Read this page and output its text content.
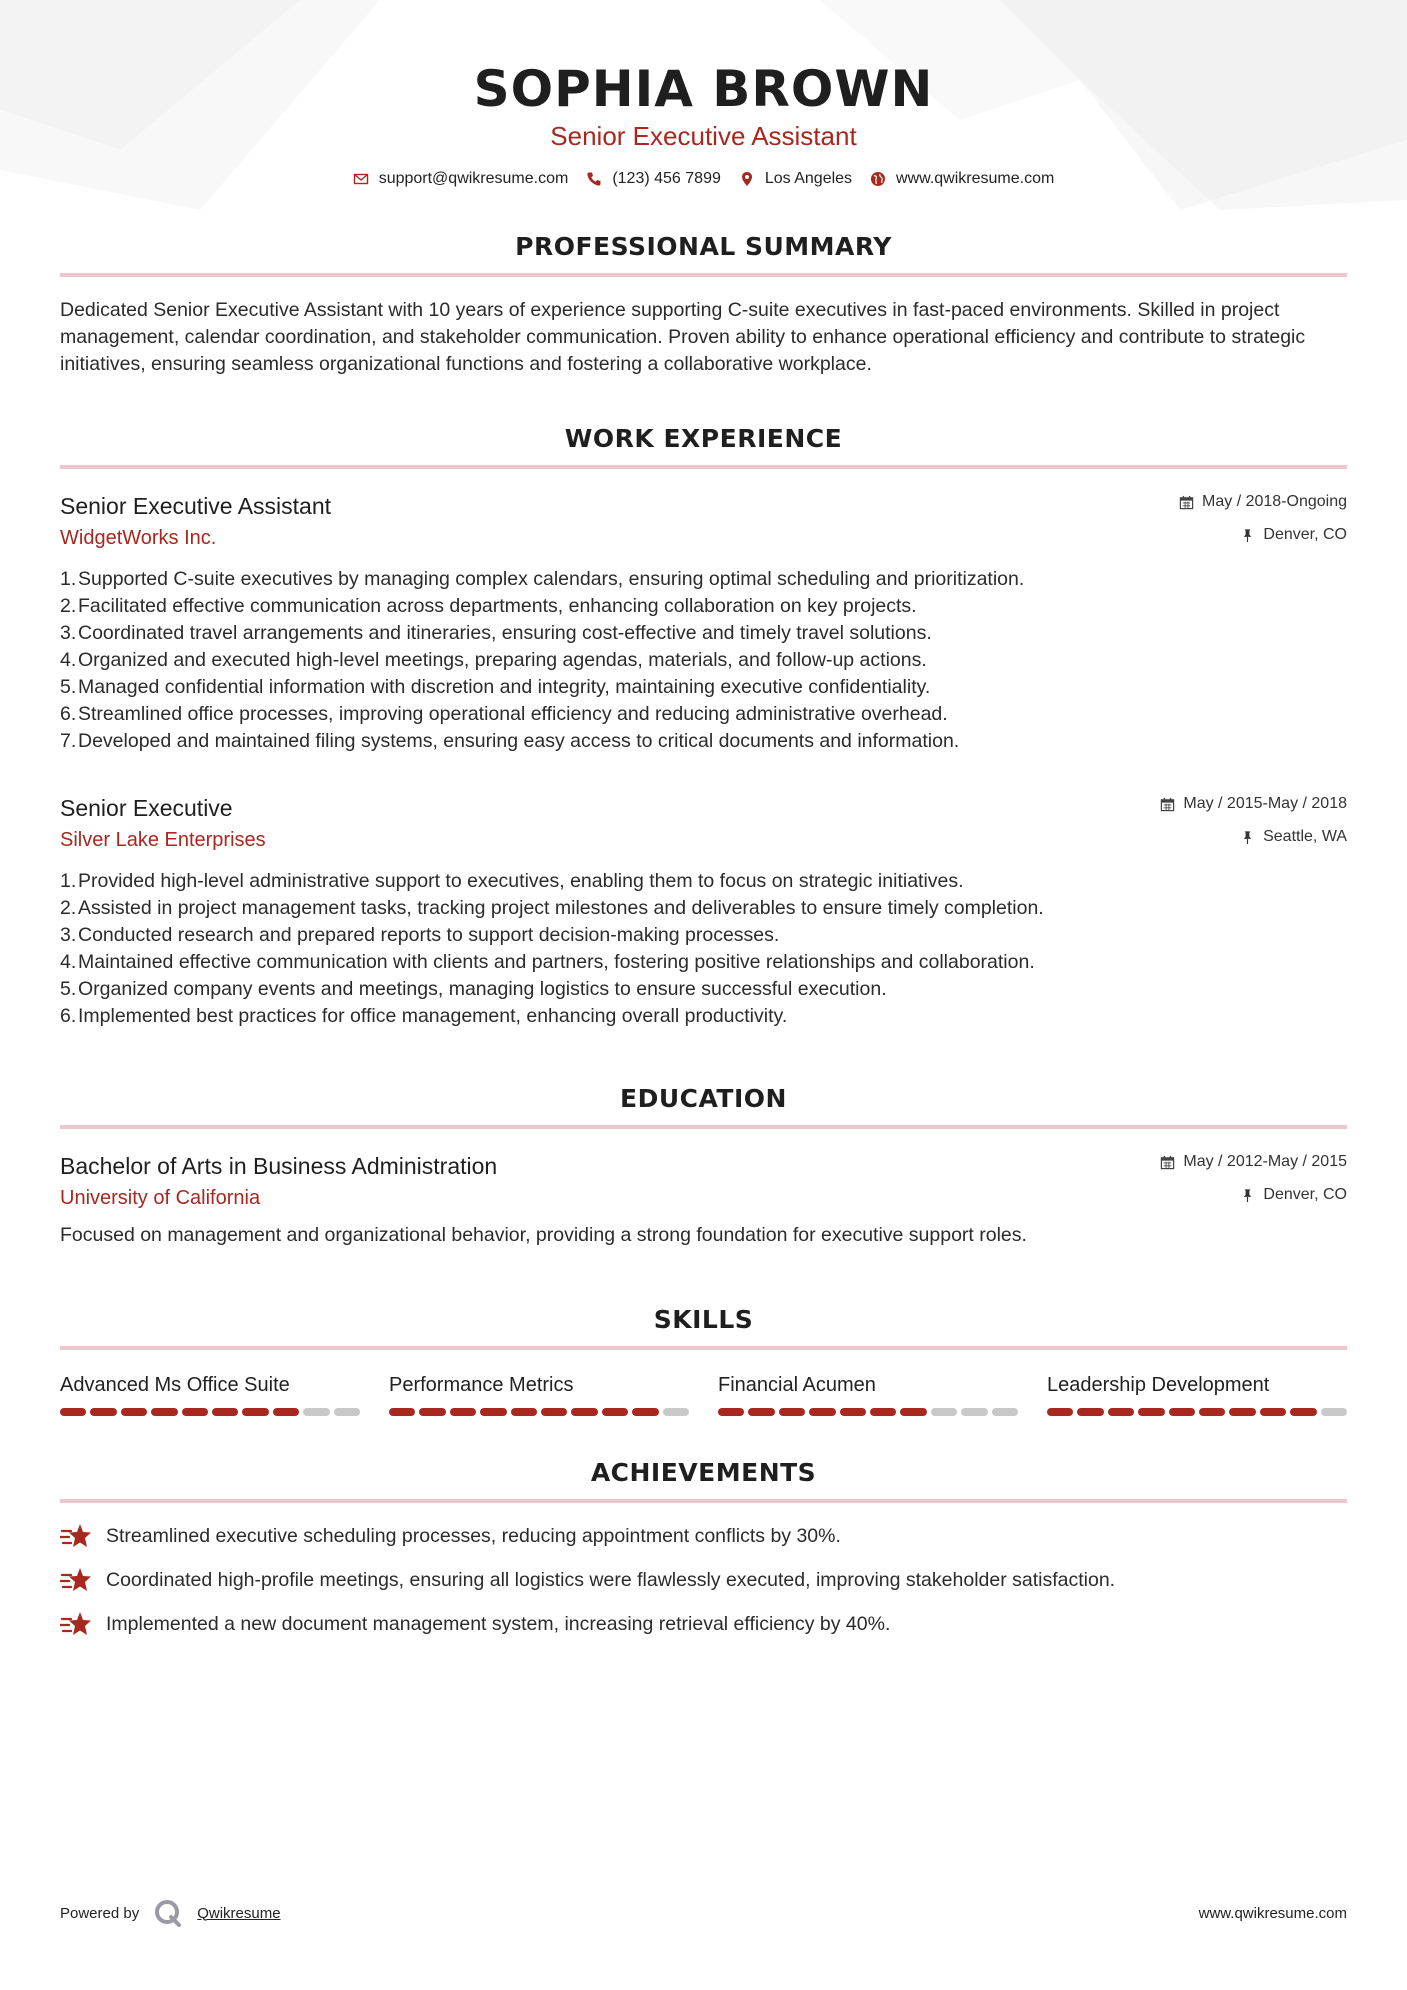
SOPHIA BROWN
Senior Executive Assistant
support@qwikresume.com	(123) 456 7899	Los Angeles	www.qwikresume.com
PROFESSIONAL SUMMARY

Dedicated Senior Executive Assistant with 10 years of experience supporting C-suite executives in fast-paced environments. Skilled in project management, calendar coordination, and stakeholder communication. Proven ability to enhance operational efficiency and contribute to strategic initiatives, ensuring seamless organizational functions and fostering a collaborative workplace.

WORK EXPERIENCE
Senior Executive Assistant
WidgetWorks Inc.
May / 2018-Ongoing
Denver, CO
1. Supported C-suite executives by managing complex calendars, ensuring optimal scheduling and prioritization.
2. Facilitated effective communication across departments, enhancing collaboration on key projects.
3. Coordinated travel arrangements and itineraries, ensuring cost-effective and timely travel solutions.
4. Organized and executed high-level meetings, preparing agendas, materials, and follow-up actions.
5. Managed confidential information with discretion and integrity, maintaining executive confidentiality.
6. Streamlined office processes, improving operational efficiency and reducing administrative overhead.
7. Developed and maintained filing systems, ensuring easy access to critical documents and information.
Senior Executive
Silver Lake Enterprises
May / 2015-May / 2018
Seattle, WA
1. Provided high-level administrative support to executives, enabling them to focus on strategic initiatives.
2. Assisted in project management tasks, tracking project milestones and deliverables to ensure timely completion.
3. Conducted research and prepared reports to support decision-making processes.
4. Maintained effective communication with clients and partners, fostering positive relationships and collaboration.
5. Organized company events and meetings, managing logistics to ensure successful execution.
6. Implemented best practices for office management, enhancing overall productivity.
EDUCATION
Bachelor of Arts in Business Administration
University of California
May / 2012-May / 2015
Denver, CO

Focused on management and organizational behavior, providing a strong foundation for executive support roles.

SKILLS
Advanced Ms Office Suite	Performance Metrics	Financial Acumen	Leadership Development
ACHIEVEMENTS
Streamlined executive scheduling processes, reducing appointment conflicts by 30%.
Coordinated high-profile meetings, ensuring all logistics were flawlessly executed, improving stakeholder satisfaction.
Implemented a new document management system, increasing retrieval efficiency by 40%.
Powered by	Qwikresume	www.qwikresume.com
